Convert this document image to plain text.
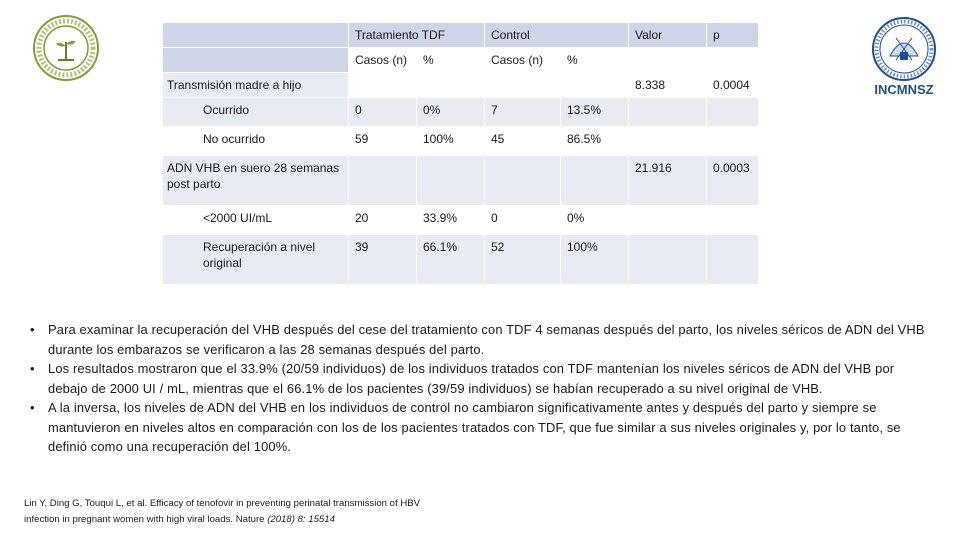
INCMNSZ
	Tratamiento TDF		Control		Valor	p
	Casos (n)	%	Casos (n)	%		
Transmisión madre a hijo					8.338	0.0004
Ocurrido	0	0%	7	13.5%		
No ocurrido	59	100%	45	86.5%		
ADN VHB en suero 28 semanas post parto					21.916	0.0003
<2000 UI/mL	20	33.9%	0	0%		
Recuperación a nivel original	39	66.1%	52	100%		
• Para examinar la recuperación del VHB después del cese del tratamiento con TDF 4 semanas después del parto, los niveles séricos de ADN del VHB durante los embarazos se verificaron a las 28 semanas después del parto.
• Los resultados mostraron que el 33.9% (20/59 individuos) de los individuos tratados con TDF mantenían los niveles séricos de ADN del VHB por debajo de 2000 UI / mL, mientras que el 66.1% de los pacientes (39/59 individuos) se habían recuperado a su nivel original de VHB.
• A la inversa, los niveles de ADN del VHB en los individuos de control no cambiaron significativamente antes y después del parto y siempre se mantuvieron en niveles altos en comparación con los de los pacientes tratados con TDF, que fue similar a sus niveles originales y, por lo tanto, se definió como una recuperación del 100%.
Lin Y, Ding G, Touqui L, et al. Efficacy of tenofovir in preventing perinatal transmission of HBV
infection in pregnant women with high viral loads. Nature (2018) 8: 15514
